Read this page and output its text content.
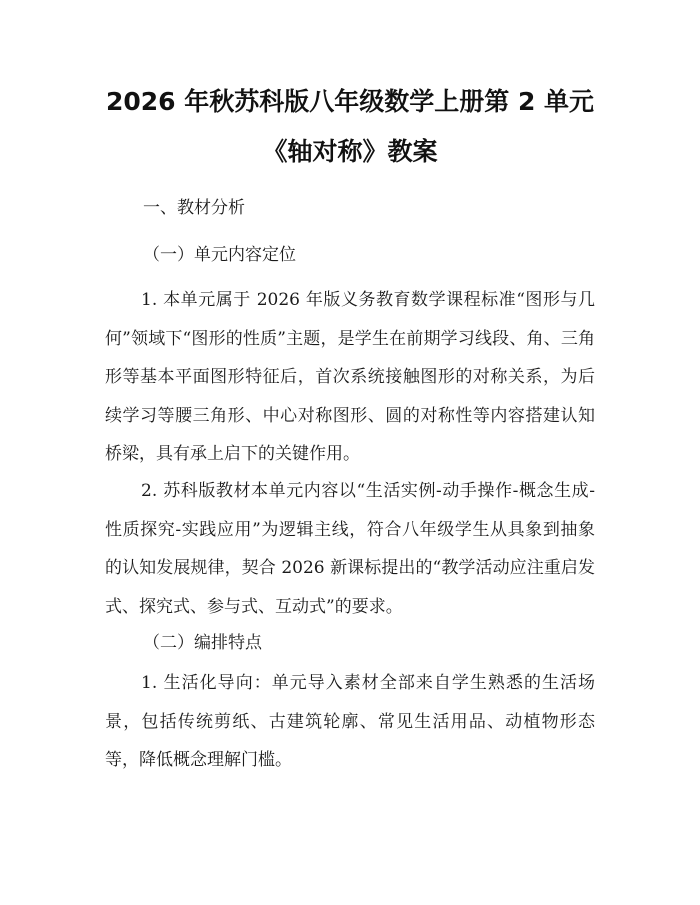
2026 年秋苏科版八年级数学上册第 2 单元
《轴对称》教案
一、教材分析
（一）单元内容定位
1. 本单元属于 2026 年版义务教育数学课程标准“图形与几何”领域下“图形的性质”主题，是学生在前期学习线段、角、三角形等基本平面图形特征后，首次系统接触图形的对称关系，为后续学习等腰三角形、中心对称图形、圆的对称性等内容搭建认知桥梁，具有承上启下的关键作用。
2. 苏科版教材本单元内容以“生活实例-动手操作-概念生成-性质探究-实践应用”为逻辑主线，符合八年级学生从具象到抽象的认知发展规律，契合 2026 新课标提出的“教学活动应注重启发式、探究式、参与式、互动式”的要求。
（二）编排特点
1. 生活化导向：单元导入素材全部来自学生熟悉的生活场景，包括传统剪纸、古建筑轮廓、常见生活用品、动植物形态等，降低概念理解门槛。
